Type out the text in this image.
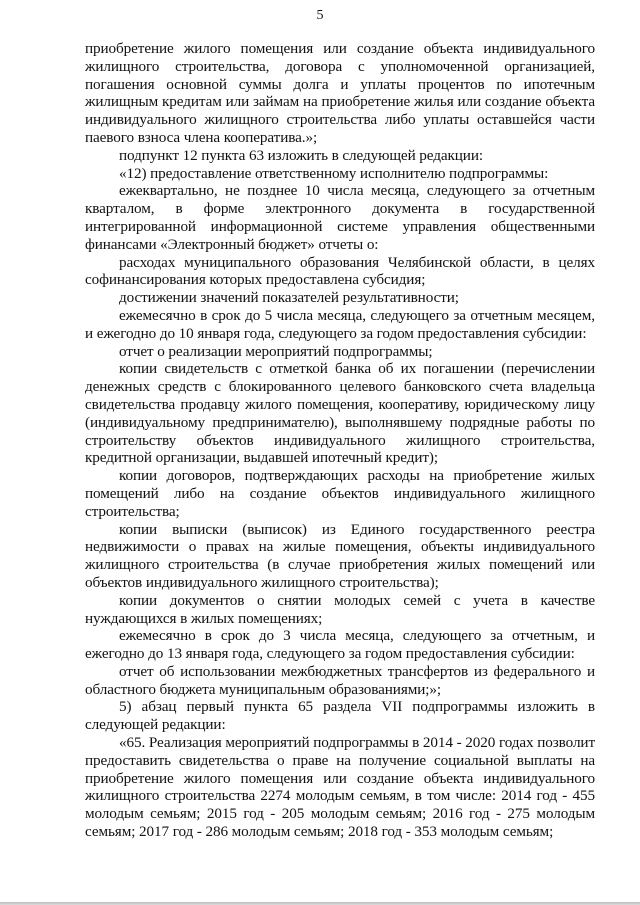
5

приобретение жилого помещения или создание объекта индивидуального жилищного строительства, договора с уполномоченной организацией, погашения основной суммы долга и уплаты процентов по ипотечным жилищным кредитам или займам на приобретение жилья или создание объекта индивидуального жилищного строительства либо уплаты оставшейся части паевого взноса члена кооператива.»;

подпункт 12 пункта 63 изложить в следующей редакции:

«12) предоставление ответственному исполнителю подпрограммы:

ежеквартально, не позднее 10 числа месяца, следующего за отчетным кварталом, в форме электронного документа в государственной интегрированной информационной системе управления общественными финансами «Электронный бюджет» отчеты о:

расходах муниципального образования Челябинской области, в целях софинансирования которых предоставлена субсидия;

достижении значений показателей результативности;

ежемесячно в срок до 5 числа месяца, следующего за отчетным месяцем, и ежегодно до 10 января года, следующего за годом предоставления субсидии:

отчет о реализации мероприятий подпрограммы;

копии свидетельств с отметкой банка об их погашении (перечислении денежных средств с блокированного целевого банковского счета владельца свидетельства продавцу жилого помещения, кооперативу, юридическому лицу (индивидуальному предпринимателю), выполнявшему подрядные работы по строительству объектов индивидуального жилищного строительства, кредитной организации, выдавшей ипотечный кредит);

копии договоров, подтверждающих расходы на приобретение жилых помещений либо на создание объектов индивидуального жилищного строительства;

копии выписки (выписок) из Единого государственного реестра недвижимости о правах на жилые помещения, объекты индивидуального жилищного строительства (в случае приобретения жилых помещений или объектов индивидуального жилищного строительства);

копии документов о снятии молодых семей с учета в качестве нуждающихся в жилых помещениях;

ежемесячно в срок до 3 числа месяца, следующего за отчетным, и ежегодно до 13 января года, следующего за годом предоставления субсидии:

отчет об использовании межбюджетных трансфертов из федерального и областного бюджета муниципальным образованиями;»;

5) абзац первый пункта 65 раздела VII подпрограммы изложить в следующей редакции:

«65. Реализация мероприятий подпрограммы в 2014 - 2020 годах позволит предоставить свидетельства о праве на получение социальной выплаты на приобретение жилого помещения или создание объекта индивидуального жилищного строительства 2274 молодым семьям, в том числе: 2014 год - 455 молодым семьям; 2015 год - 205 молодым семьям; 2016 год - 275 молодым семьям; 2017 год - 286 молодым семьям; 2018 год - 353 молодым семьям;
